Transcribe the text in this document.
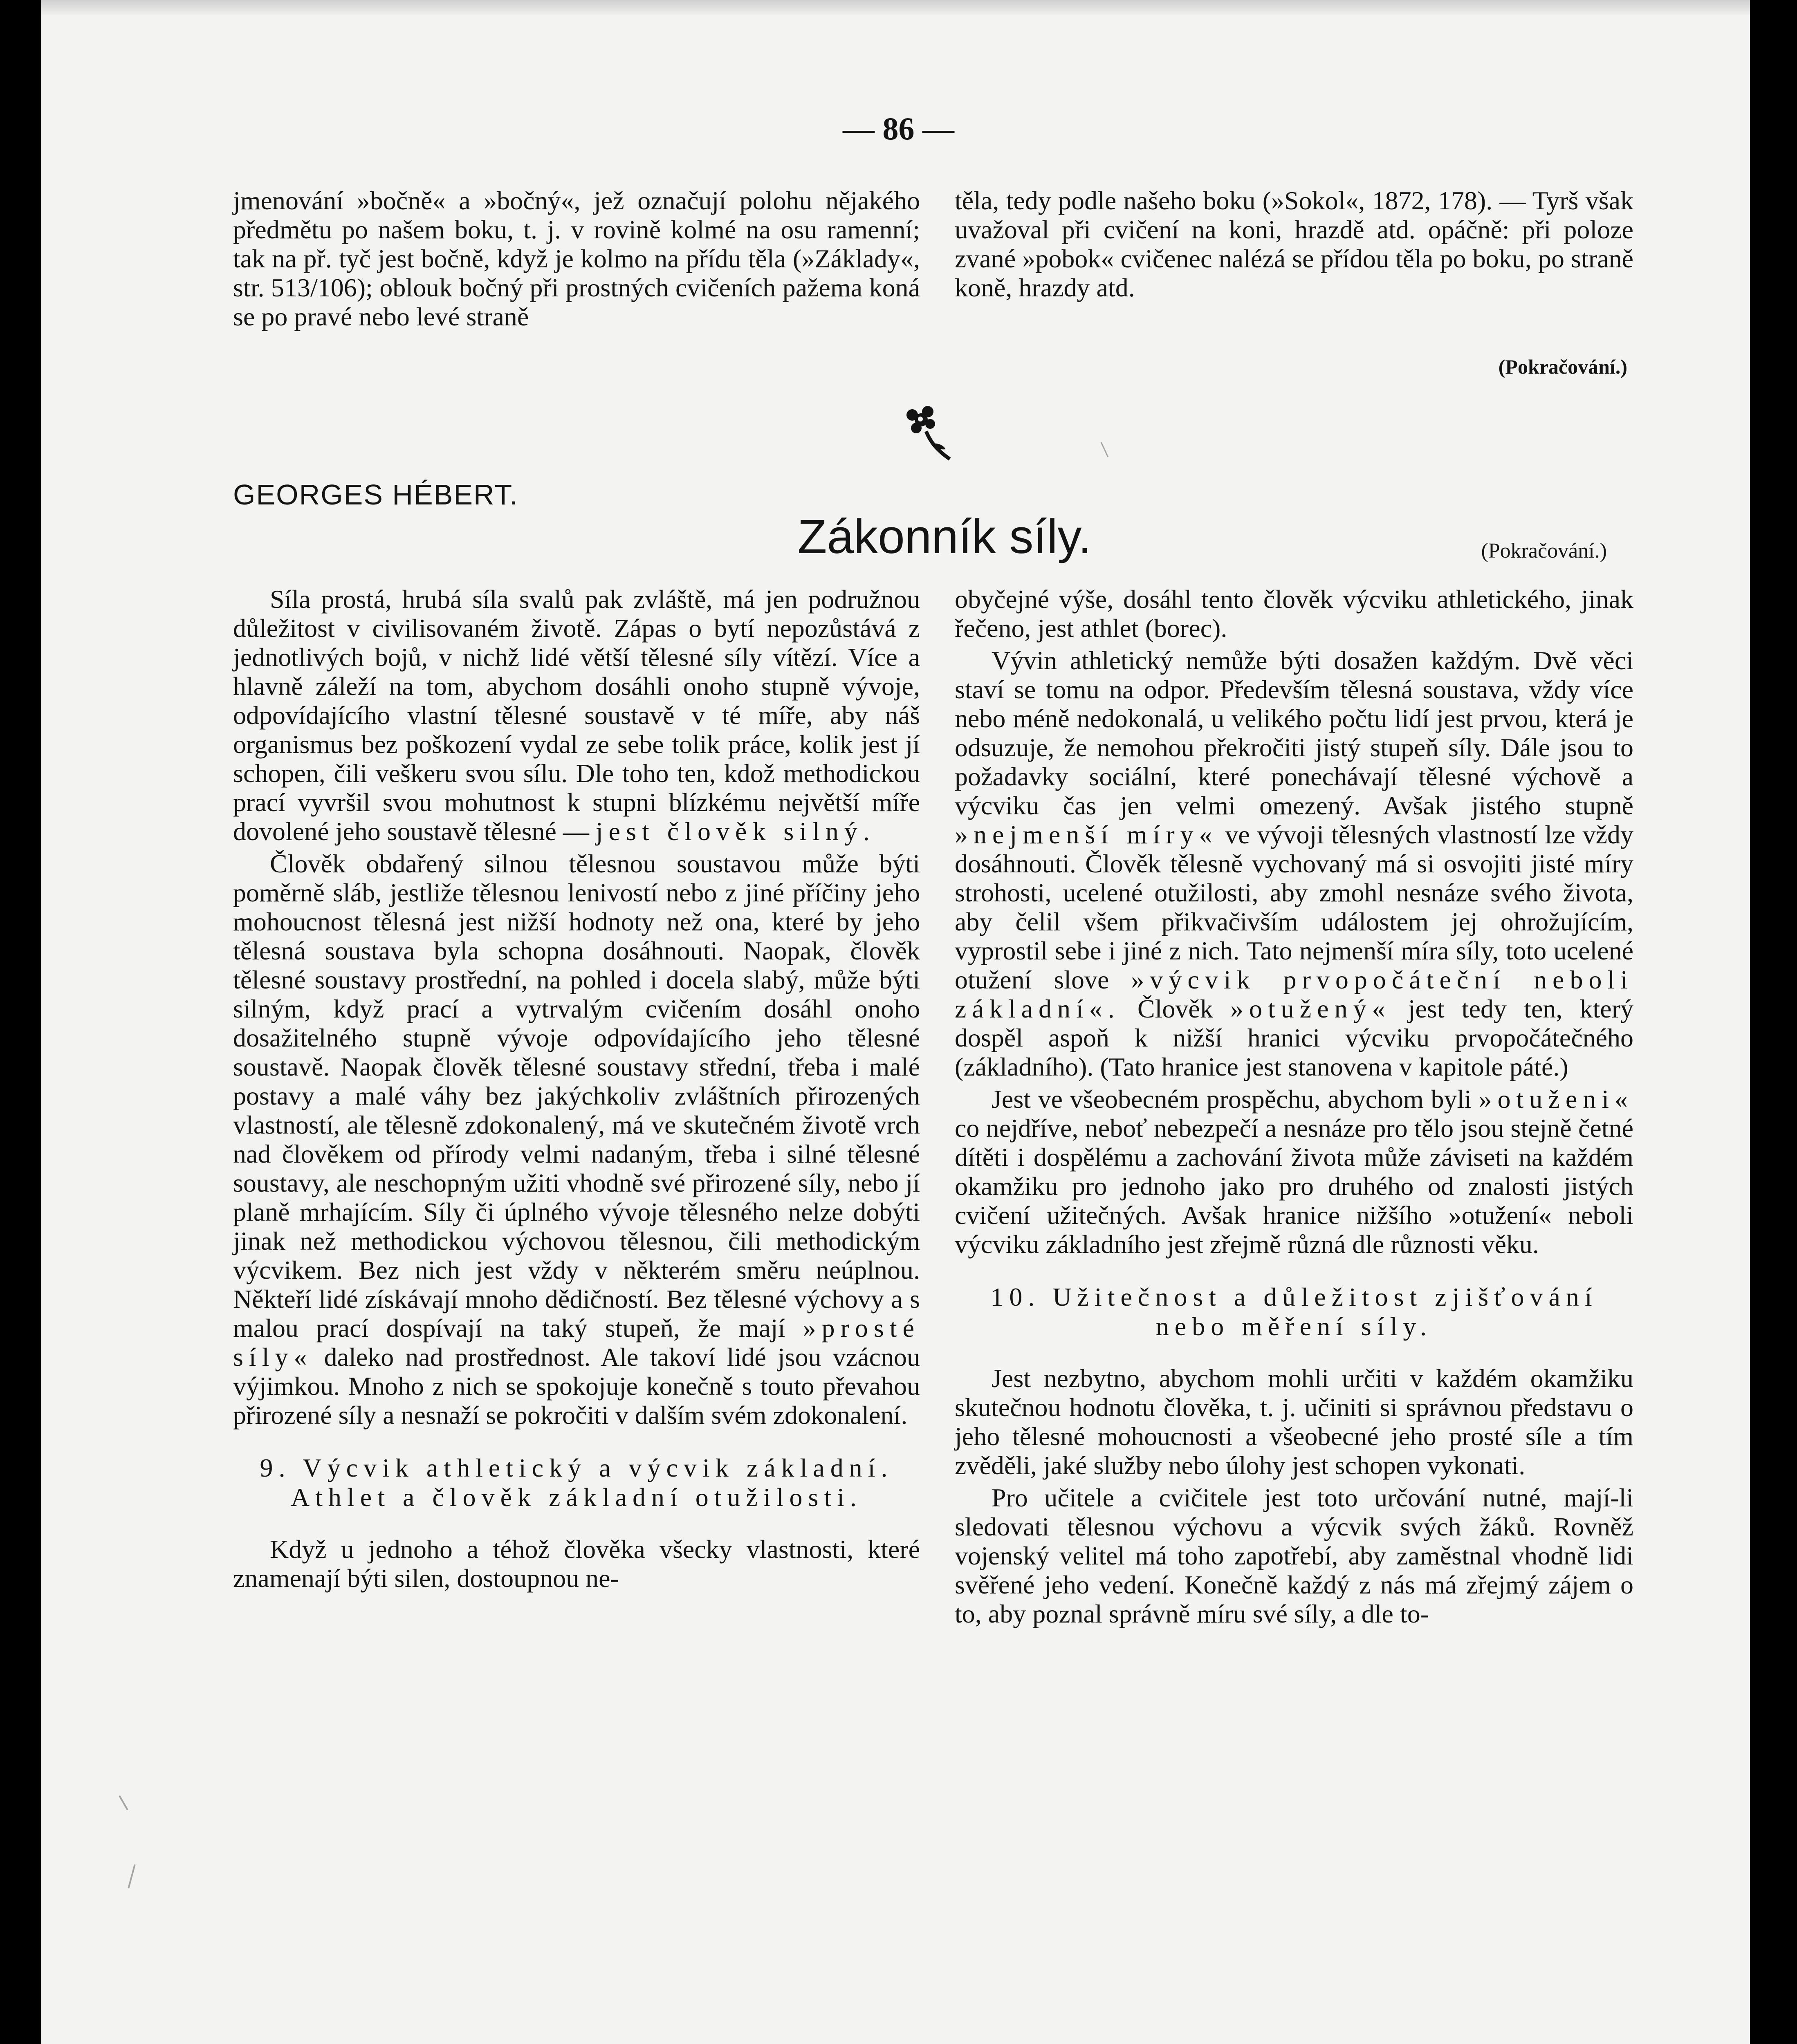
— 86 —

jmenování »bočně« a »bočný«, jež označují polohu nějakého předmětu po našem boku, t. j. v rovině kolmé na osu ramenní; tak na př. tyč jest bočně, když je kolmo na přídu těla (»Základy«, str. 513/106); oblouk bočný při prostných cvičeních pažema koná se po pravé nebo levé straně

těla, tedy podle našeho boku (»Sokol«, 1872, 178). — Tyrš však uvažoval při cvičení na koni, hrazdě atd. opáčně: při poloze zvané »pobok« cvičenec nalézá se přídou těla po boku, po straně koně, hrazdy atd.

(Pokračování.)
GEORGES HÉBERT.
Zákonník síly.	(Pokračování.)

Síla prostá, hrubá síla svalů pak zvláště, má jen podružnou důležitost v civilisovaném životě. Zápas o bytí nepozůstává z jednotlivých bojů, v nichž lidé větší tělesné síly vítězí. Více a hlavně záleží na tom, abychom dosáhli onoho stupně vývoje, odpovídajícího vlastní tělesné soustavě v té míře, aby náš organismus bez poškození vydal ze sebe tolik práce, kolik jest jí schopen, čili veškeru svou sílu. Dle toho ten, kdož methodickou prací vyvršil svou mohutnost k stupni blízkému největší míře dovolené jeho soustavě tělesné — jest člověk silný.

Člověk obdařený silnou tělesnou soustavou může býti poměrně sláb, jestliže tělesnou lenivostí nebo z jiné příčiny jeho mohoucnost tělesná jest nižší hodnoty než ona, které by jeho tělesná soustava byla schopna dosáhnouti. Naopak, člověk tělesné soustavy prostřední, na pohled i docela slabý, může býti silným, když prací a vytrvalým cvičením dosáhl onoho dosažitelného stupně vývoje odpovídajícího jeho tělesné soustavě. Naopak člověk tělesné soustavy střední, třeba i malé postavy a malé váhy bez jakýchkoliv zvláštních přirozených vlastností, ale tělesně zdokonalený, má ve skutečném životě vrch nad člověkem od přírody velmi nadaným, třeba i silné tělesné soustavy, ale neschopným užiti vhodně své přirozené síly, nebo jí planě mrhajícím. Síly či úplného vývoje tělesného nelze dobýti jinak než methodickou výchovou tělesnou, čili methodickým výcvikem. Bez nich jest vždy v některém směru neúplnou. Někteří lidé získávají mnoho dědičností. Bez tělesné výchovy a s malou prací dospívají na taký stupeň, že mají »prosté síly« daleko nad prostřednost. Ale takoví lidé jsou vzácnou výjimkou. Mnoho z nich se spokojuje konečně s touto převahou přirozené síly a nesnaží se pokročiti v dalším svém zdokonalení.

9. Výcvik athletický a výcvik základní. Athlet a člověk základní otužilosti.

Když u jednoho a téhož člověka všecky vlastnosti, které znamenají býti silen, dostoupnou ne-

obyčejné výše, dosáhl tento člověk výcviku athletického, jinak řečeno, jest athlet (borec).

Vývin athletický nemůže býti dosažen každým. Dvě věci staví se tomu na odpor. Především tělesná soustava, vždy více nebo méně nedokonalá, u velikého počtu lidí jest prvou, která je odsuzuje, že nemohou překročiti jistý stupeň síly. Dále jsou to požadavky sociální, které ponechávají tělesné výchově a výcviku čas jen velmi omezený. Avšak jistého stupně »nejmenší míry« ve vývoji tělesných vlastností lze vždy dosáhnouti. Člověk tělesně vychovaný má si osvojiti jisté míry strohosti, ucelené otužilosti, aby zmohl nesnáze svého života, aby čelil všem přikvačivším událostem jej ohrožujícím, vyprostil sebe i jiné z nich. Tato nejmenší míra síly, toto ucelené otužení slove »výcvik prvopočáteční neboli základní«. Člověk »otužený« jest tedy ten, který dospěl aspoň k nižší hranici výcviku prvopočátečného (základního). (Tato hranice jest stanovena v kapitole páté.)

Jest ve všeobecném prospěchu, abychom byli »otuženi« co nejdříve, neboť nebezpečí a nesnáze pro tělo jsou stejně četné dítěti i dospělému a zachování života může záviseti na každém okamžiku pro jednoho jako pro druhého od znalosti jistých cvičení užitečných. Avšak hranice nižšího »otužení« neboli výcviku základního jest zřejmě různá dle různosti věku.

10. Užitečnost a důležitost zjišťování nebo měření síly.

Jest nezbytno, abychom mohli určiti v každém okamžiku skutečnou hodnotu člověka, t. j. učiniti si správnou představu o jeho tělesné mohoucnosti a všeobecné jeho prosté síle a tím zvěděli, jaké služby nebo úlohy jest schopen vykonati.

Pro učitele a cvičitele jest toto určování nutné, mají-li sledovati tělesnou výchovu a výcvik svých žáků. Rovněž vojenský velitel má toho zapotřebí, aby zaměstnal vhodně lidi svěřené jeho vedení. Konečně každý z nás má zřejmý zájem o to, aby poznal správně míru své síly, a dle to-
